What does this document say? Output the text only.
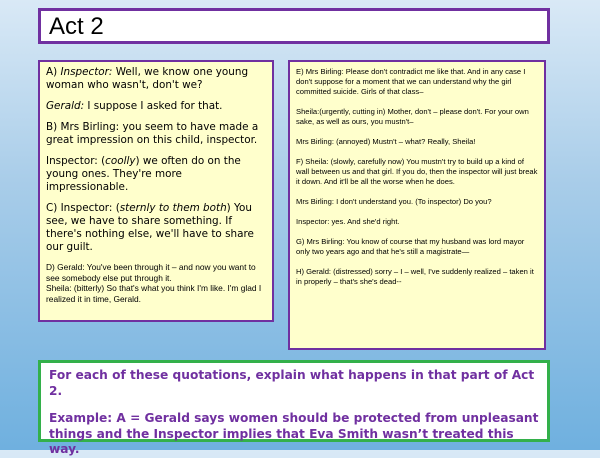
Act 2

A) Inspector: Well, we know one young woman who wasn't, don't we?

Gerald: I suppose I asked for that.

B) Mrs Birling: you seem to have made a great impression on this child, inspector.

Inspector: (coolly) we often do on the young ones. They're more impressionable.

C) Inspector: (sternly to them both) You see, we have to share something. If there's nothing else, we'll have to share our guilt.

D) Gerald: You've been through it – and now you want to see somebody else put through it.

Sheila: (bitterly) So that's what you think I'm like. I'm glad I realized it in time, Gerald.

E) Mrs Birling: Please don't contradict me like that. And in any case I don't suppose for a moment that we can understand why the girl committed suicide. Girls of that class–

Sheila:(urgently, cutting in) Mother, don't – please don't. For your own sake, as well as ours, you mustn't–

Mrs Birling: (annoyed) Mustn't – what? Really, Sheila!

F) Sheila: (slowly, carefully now) You mustn't try to build up a kind of wall between us and that girl. If you do, then the inspector will just break it down. And it'll be all the worse when he does.

Mrs Birling: I don't understand you. (To inspector) Do you?

Inspector: yes. And she'd right.

G) Mrs Birling: You know of course that my husband was lord mayor only two years ago and that he's still a magistrate—

H) Gerald: (distressed) sorry – I – well, I've suddenly realized – taken it in properly – that's she's dead--

For each of these quotations, explain what happens in that part of Act 2.

Example: A = Gerald says women should be protected from unpleasant things and the Inspector implies that Eva Smith wasn’t treated this way.
